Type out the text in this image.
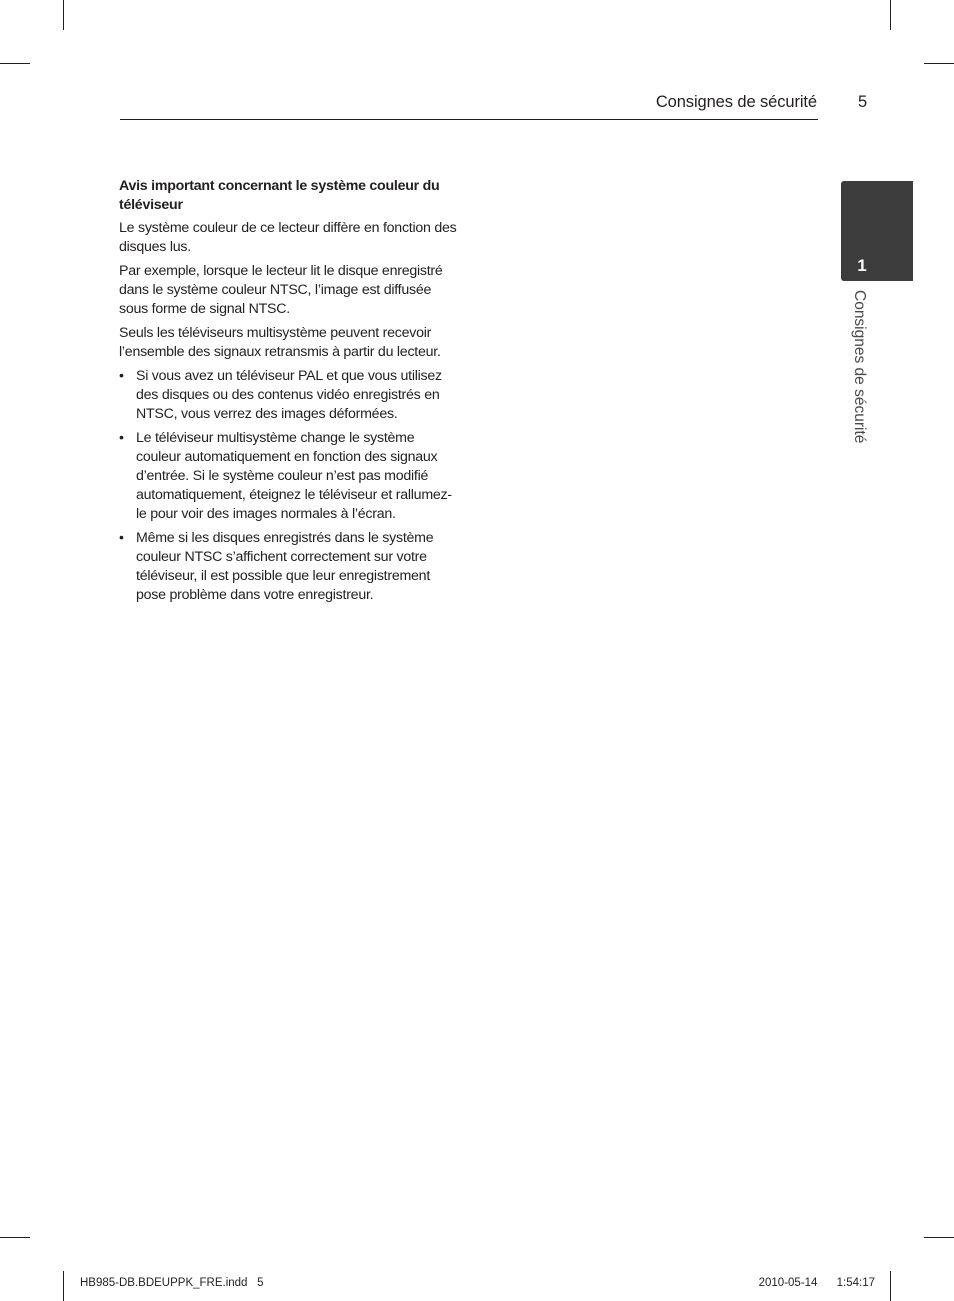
Consignes de sécurité 5
1
Consignes de sécurité
Avis important concernant le système couleur du téléviseur

Le système couleur de ce lecteur diffère en fonction des disques lus.

Par exemple, lorsque le lecteur lit le disque enregistré dans le système couleur NTSC, l’image est diffusée sous forme de signal NTSC.

Seuls les téléviseurs multisystème peuvent recevoir l’ensemble des signaux retransmis à partir du lecteur.

• Si vous avez un téléviseur PAL et que vous utilisez des disques ou des contenus vidéo enregistrés en NTSC, vous verrez des images déformées.
• Le téléviseur multisystème change le système couleur automatiquement en fonction des signaux d’entrée. Si le système couleur n’est pas modifié automatiquement, éteignez le téléviseur et rallumez-le pour voir des images normales à l’écran.
• Même si les disques enregistrés dans le système couleur NTSC s’affichent correctement sur votre téléviseur, il est possible que leur enregistrement pose problème dans votre enregistreur.
HB985-DB.BDEUPPK_FRE.indd 5	2010-05-14 1:54:17
